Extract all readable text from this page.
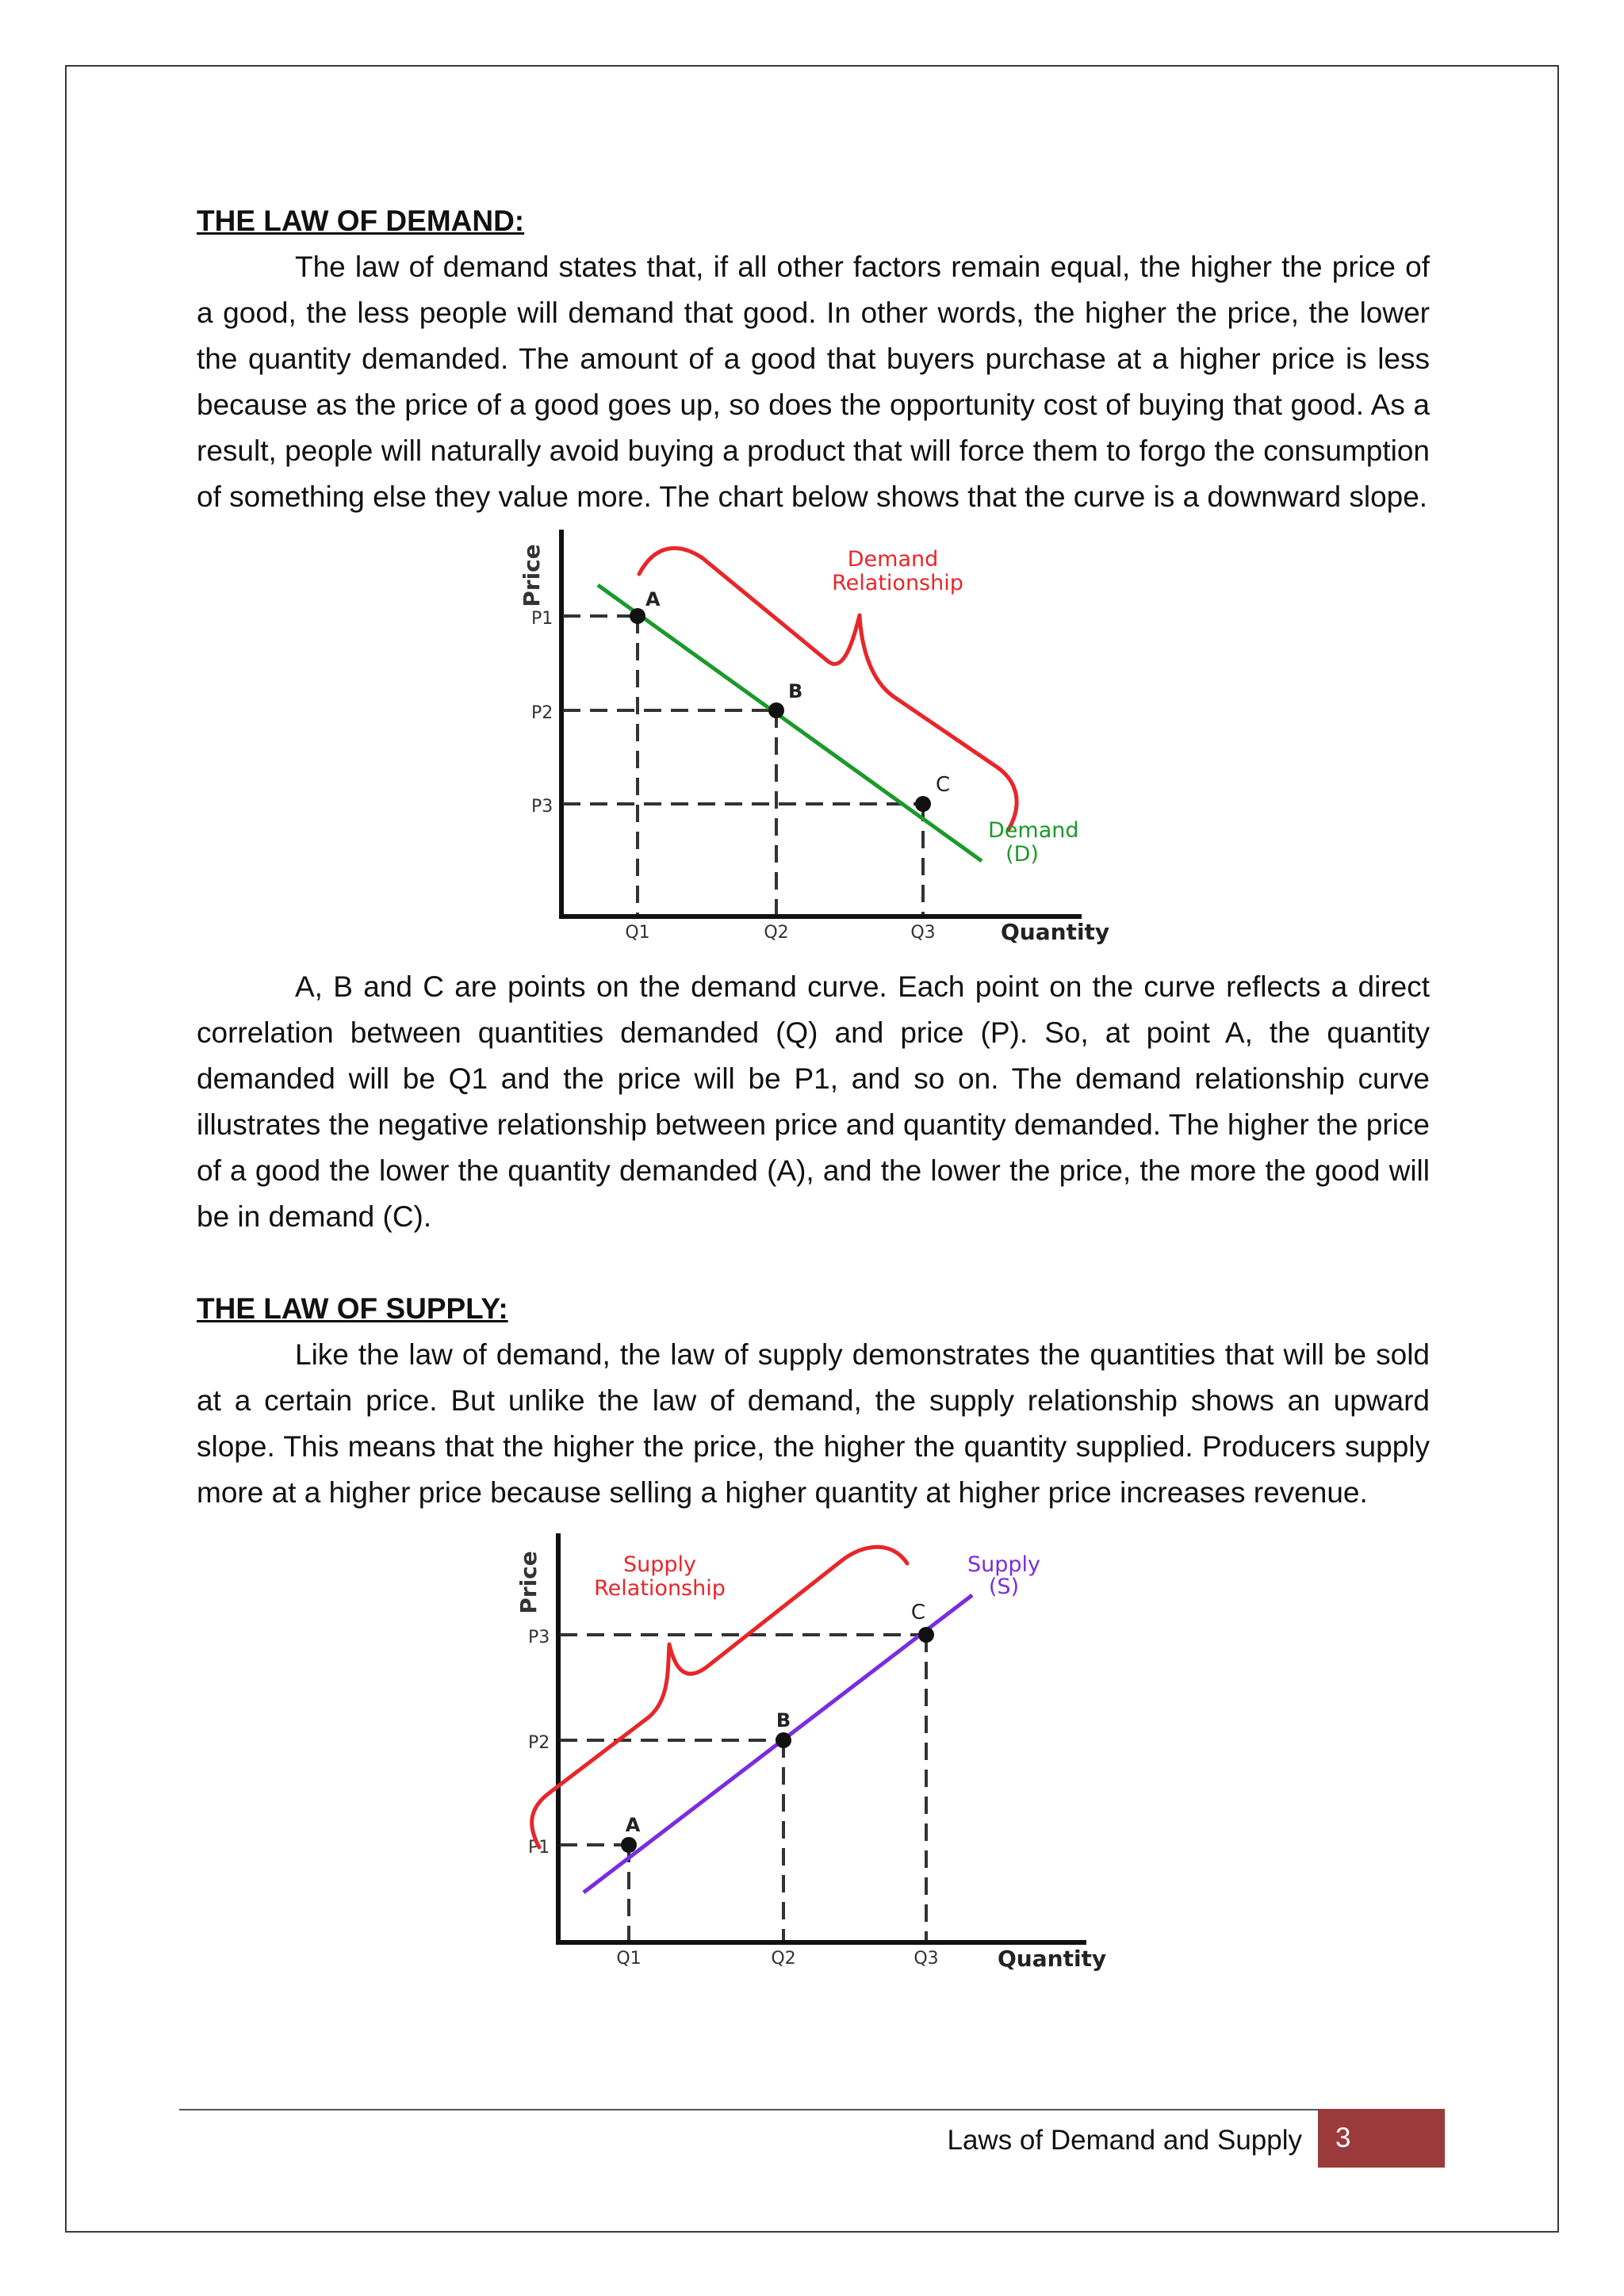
THE LAW OF DEMAND:

The law of demand states that, if all other factors remain equal, the higher the price of a good, the less people will demand that good. In other words, the higher the price, the lower the quantity demanded. The amount of a good that buyers purchase at a higher price is less because as the price of a good goes up, so does the opportunity cost of buying that good. As a result, people will naturally avoid buying a product that will force them to forgo the consumption of something else they value more. The chart below shows that the curve is a downward slope.

Price
Quantity
P1
P2
P3
Q1	Q2	Q3
Demand
Relationship
A
B
C
Demand
(D)

A, B and C are points on the demand curve. Each point on the curve reflects a direct correlation between quantities demanded (Q) and price (P). So, at point A, the quantity demanded will be Q1 and the price will be P1, and so on. The demand relationship curve illustrates the negative relationship between price and quantity demanded. The higher the price of a good the lower the quantity demanded (A), and the lower the price, the more the good will be in demand (C).

THE LAW OF SUPPLY:

Like the law of demand, the law of supply demonstrates the quantities that will be sold at a certain price. But unlike the law of demand, the supply relationship shows an upward slope. This means that the higher the price, the higher the quantity supplied. Producers supply more at a higher price because selling a higher quantity at higher price increases revenue.

Price
Quantity
P3
P2
P1
Q1	Q2	Q3
Supply
Relationship
A
B
C
Supply
(S)
Laws of Demand and Supply	3
